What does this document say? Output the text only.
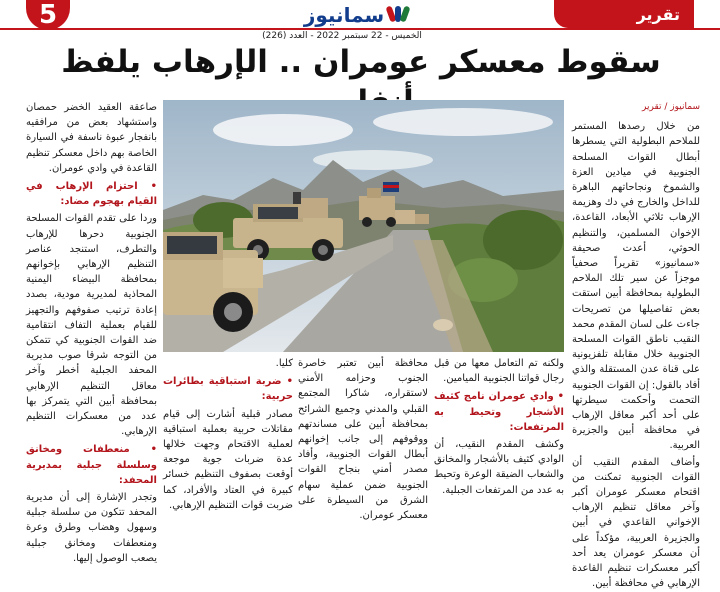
5	سمانيوز	تقرير
الخميس - 22 سبتمبر 2022 - العدد (226)
سقوط معسكر عومران .. الإرهاب يلفظ

سمانيوز / تقرير

من خلال رصدها المستمر للملاحم البطولية التي يسطرها أبطال القوات المسلحة الجنوبية في ميادين العزة والشموخ ونجاحاتهم الباهرة للداخل والخارج في دك وهزيمة الإرهاب ثلاثي الأبعاد، القاعدة، الإخوان المسلمين، والتنظيم الحوثي، أعدت صحيفة «سمانيوز» تقريراً صحفياً موجزاً عن سير تلك الملاحم البطولية بمحافظة أبين استقت بعض تفاصيلها من تصريحات جاءت على لسان المقدم محمد النقيب ناطق القوات المسلحة الجنوبية خلال مقابلة تلفزيونية على قناة عدن المستقلة والذي أفاد بالقول: إن القوات الجنوبية التحمت وأحكمت سيطرتها على أحد أكبر معاقل الإرهاب في محافظة أبين والجزيرة العربية.

وأضاف المقدم النقيب أن القوات الجنوبية تمكنت من اقتحام معسكر عومران أكبر وآخر معاقل تنظيم الإرهاب الإخواني القاعدي في أبين والجزيرة العربية، مؤكداً على أن معسكر عومران يعد أحد أكبر معسكرات تنظيم القاعدة الإرهابي في محافظة أبين.

صاعقة العقيد الخضر حمصان واستشهاد بعض من مرافقيه بانفجار عبوة ناسفة في السيارة الخاصة بهم داخل معسكر تنظيم القاعدة في وادي عومران.

• احتزام الإرهاب في القيام بهجوم مضاد:

وردا على تقدم القوات المسلحة الجنوبية دحرها للإرهاب والتطرف، استنجد عناصر التنظيم الإرهابي بإخوانهم بمحافظة البيضاء اليمنية المحاذية لمديرية مودية، بصدد إعادة ترتيب صفوفهم والتجهيز للقيام بعملية التفاف انتقامية ضد القوات الجنوبية كي تتمكن من التوجه شرقا صوب مديرية المحفد الجبلية أخطر وآخر معاقل التنظيم الإرهابي بمحافظة أبين التي يتمركز بها عدد من معسكرات التنظيم الإرهابي.

• منعطفات ومخانق وسلسلة جبلية بمديرية المحفد:

وتجدر الإشارة إلى أن مديرية المحفد تتكون من سلسلة جبلية وسهول وهضاب وطرق وعرة ومنعطفات ومخانق جبلية يصعب الوصول إليها.

ولكنه تم التعامل معها من قبل رجال قواتنا الجنوبية الميامين.

• وادي عومران نامج كثيف الأشجار وتحيط به المرتفعات:

وكشف المقدم النقيب، أن الوادي كثيف بالأشجار والمخانق والشعاب الضيقة الوعرة وتحيط به عدد من المرتفعات الجبلية.

محافظة أبين تعتبر خاصرة الجنوب وحزامه الأمني لاستقراره، شاكرا المجتمع القبلي والمدني وجميع الشرائح بمحافظة أبين على مساندتهم ووقوفهم إلى جانب إخوانهم أبطال القوات الجنوبية، وأفاد مصدر أمني بنجاح القوات الجنوبية ضمن عملية سهام الشرق من السيطرة على معسكر عومران.

كليا.

• ضربة استباقية بطائرات حربية:

مصادر قبلية أشارت إلى قيام مقاتلات حربية بعملية استباقية لعملية الاقتحام وجهت خلالها عدة ضربات جوية موجعة أوقعت بصفوف التنظيم خسائر كبيرة في العتاد والأفراد، كما ضربت قوات التنظيم الإرهابي.
